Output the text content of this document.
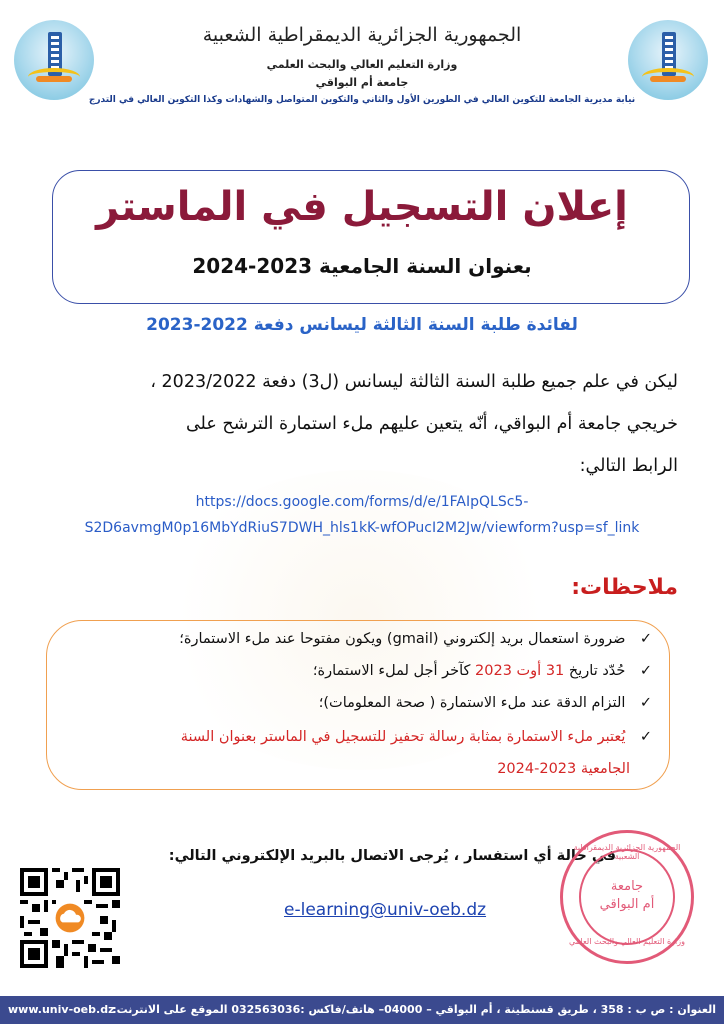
الجمهورية الجزائرية الديمقراطية الشعبية
وزارة التعليم العالي والبحث العلمي
جامعة أم البواقي
نيابة مديرية الجامعة للتكوين العالي في الطورين الأول والثاني والتكوين المتواصل والشهادات وكذا التكوين العالي في التدرج
إعلان التسجيل في الماستر
بعنوان السنة الجامعية 2023-2024
لفائدة طلبة السنة الثالثة ليسانس دفعة 2022-2023
ليكن في علم جميع طلبة السنة الثالثة ليسانس (ل3) دفعة 2023/2022 ،
خريجي جامعة أم البواقي، أنّه يتعين عليهم ملء استمارة الترشح على
الرابط التالي:
https://docs.google.com/forms/d/e/1FAIpQLSc5-
S2D6avmgM0p16MbYdRiuS7DWH_hls1kK-wfOPucI2M2Jw/viewform?usp=sf_link
ملاحظات:
✓ ضرورة استعمال بريد إلكتروني (gmail) ويكون مفتوحا عند ملء الاستمارة؛
✓ حُدّد تاريخ 31 أوت 2023 كآخر أجل لملء الاستمارة؛
✓ التزام الدقة عند ملء الاستمارة ( صحة المعلومات)؛
✓ يُعتبر ملء الاستمارة بمثابة رسالة تحفيز للتسجيل في الماستر بعنوان السنة
الجامعية 2023-2024
في حالة أي استفسار ، يُرجى الاتصال بالبريد الإلكتروني التالي:
e-learning@univ-oeb.dz
الجمهورية الجزائرية الديمقراطية الشعبية
جامعة
أم البواقي
وزارة التعليم العالي والبحث العلمي
العنوان : ص ب : 358 ، طريق قسنطينة ، أم البواقي – 04000– هاتف/فاكس :032563036 الموقع على الانترنت:
www.univ-oeb.dz
